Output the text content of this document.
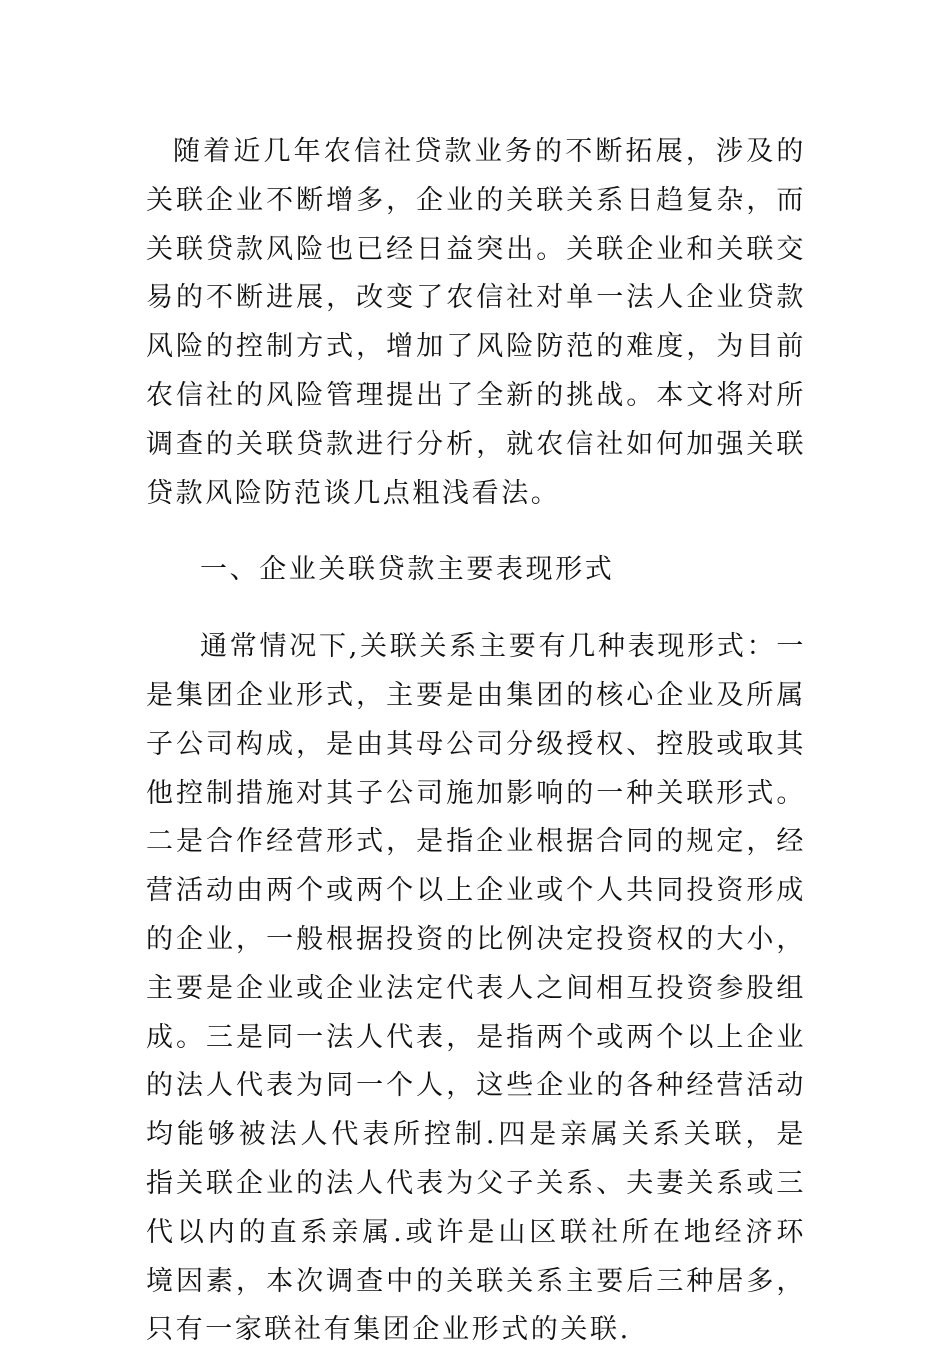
随着近几年农信社贷款业务的不断拓展，涉及的关联企业不断增多，企业的关联关系日趋复杂，而关联贷款风险也已经日益突出。关联企业和关联交易的不断进展，改变了农信社对单一法人企业贷款风险的控制方式，增加了风险防范的难度，为目前农信社的风险管理提出了全新的挑战。本文将对所调查的关联贷款进行分析，就农信社如何加强关联贷款风险防范谈几点粗浅看法。

一、企业关联贷款主要表现形式

通常情况下,关联关系主要有几种表现形式：一是集团企业形式，主要是由集团的核心企业及所属子公司构成，是由其母公司分级授权、控股或取其他控制措施对其子公司施加影响的一种关联形式。二是合作经营形式，是指企业根据合同的规定，经营活动由两个或两个以上企业或个人共同投资形成的企业，一般根据投资的比例决定投资权的大小，主要是企业或企业法定代表人之间相互投资参股组成。三是同一法人代表，是指两个或两个以上企业的法人代表为同一个人，这些企业的各种经营活动均能够被法人代表所控制.四是亲属关系关联，是指关联企业的法人代表为父子关系、夫妻关系或三代以内的直系亲属.或许是山区联社所在地经济环境因素，本次调查中的关联关系主要后三种居多，只有一家联社有集团企业形式的关联.
